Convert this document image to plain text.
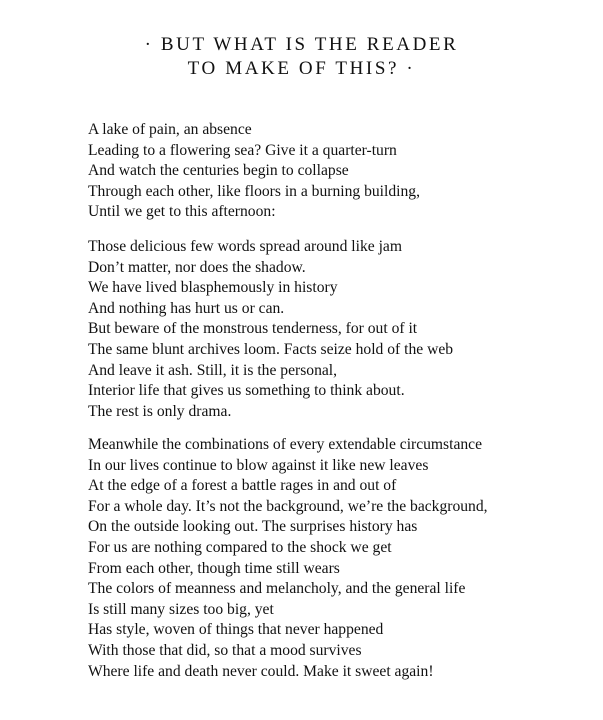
· BUT WHAT IS THE READER
TO MAKE OF THIS? ·
A lake of pain, an absence
Leading to a flowering sea? Give it a quarter-turn
And watch the centuries begin to collapse
Through each other, like floors in a burning building,
Until we get to this afternoon:
Those delicious few words spread around like jam
Don’t matter, nor does the shadow.
We have lived blasphemously in history
And nothing has hurt us or can.
But beware of the monstrous tenderness, for out of it
The same blunt archives loom. Facts seize hold of the web
And leave it ash. Still, it is the personal,
Interior life that gives us something to think about.
The rest is only drama.
Meanwhile the combinations of every extendable circumstance
In our lives continue to blow against it like new leaves
At the edge of a forest a battle rages in and out of
For a whole day. It’s not the background, we’re the background,
On the outside looking out. The surprises history has
For us are nothing compared to the shock we get
From each other, though time still wears
The colors of meanness and melancholy, and the general life
Is still many sizes too big, yet
Has style, woven of things that never happened
With those that did, so that a mood survives
Where life and death never could. Make it sweet again!
